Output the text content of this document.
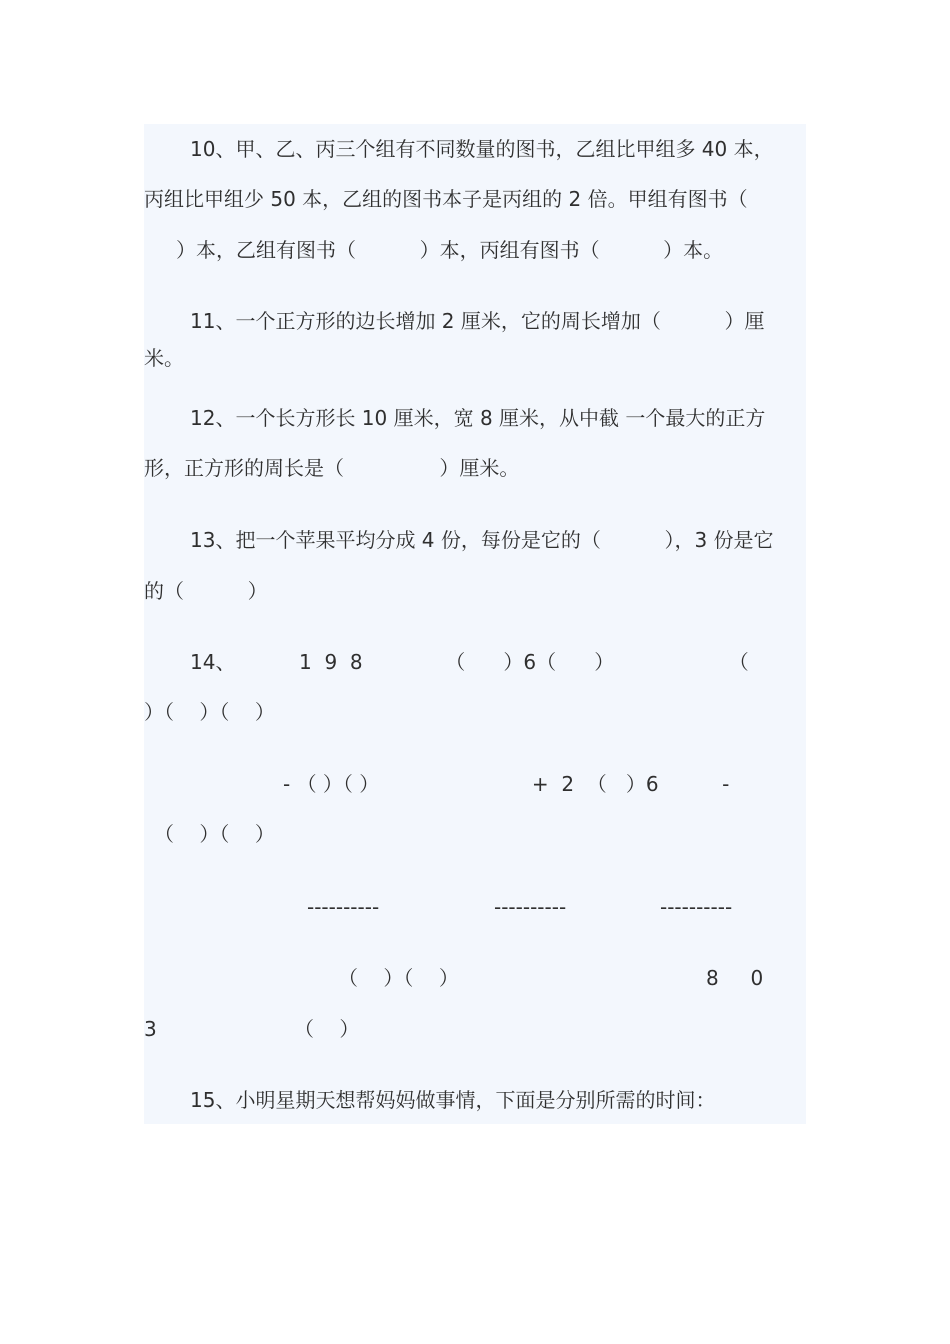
10、甲、乙、丙三个组有不同数量的图书，乙组比甲组多 40 本，
丙组比甲组少 50 本，乙组的图书本子是丙组的 2 倍。甲组有图书（
）本，乙组有图书（          ）本，丙组有图书（          ）本。
11、一个正方形的边长增加 2 厘米，它的周长增加（          ）厘
米。
12、一个长方形长 10 厘米，宽 8 厘米，从中截 一个最大的正方
形，正方形的周长是（               ）厘米。
13、把一个苹果平均分成 4 份，每份是它的（          ），3 份是它
的（          ）
14、          1  9  8             （      ）6（      ）                  （
）（    ）（    ）
- （ ）（ ）                        +  2  （   ）6          -
（    ）（    ）
----------	----------	----------
（    ）（    ）	8     0
3	（    ）
15、小明星期天想帮妈妈做事情，下面是分别所需的时间：
